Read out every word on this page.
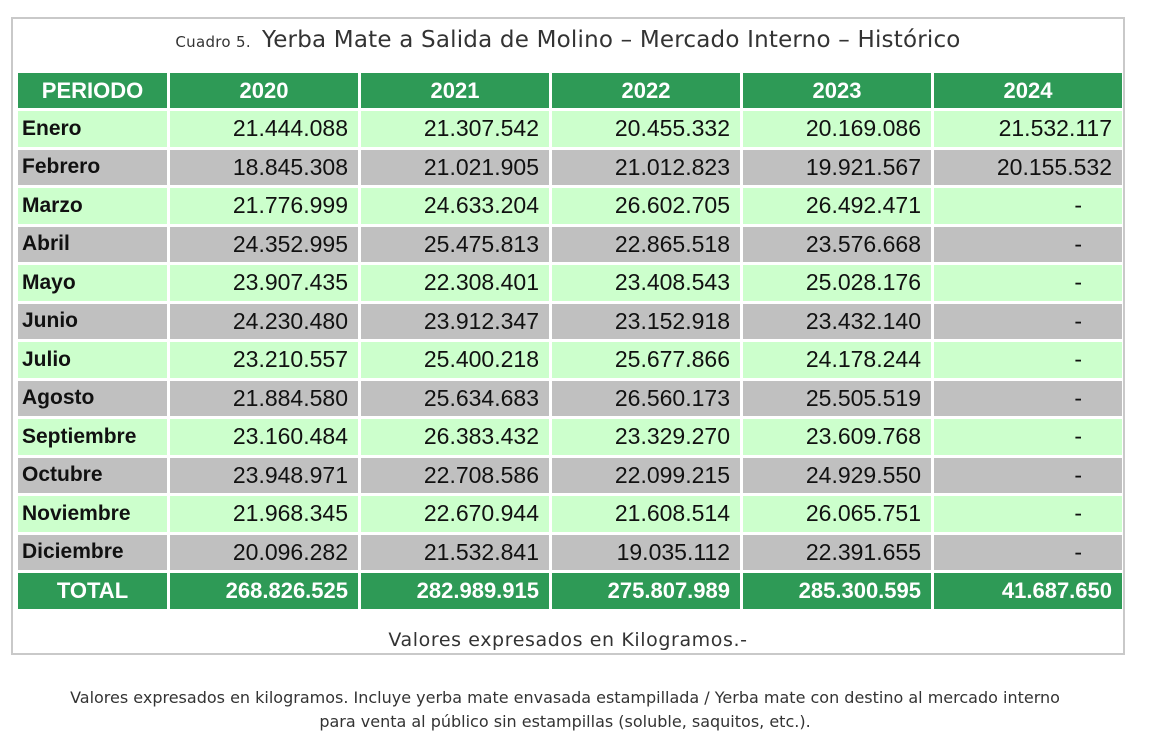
Cuadro 5. Yerba Mate a Salida de Molino – Mercado Interno – Histórico
PERIODO	2020	2021	2022	2023	2024
Enero	21.444.088	21.307.542	20.455.332	20.169.086	21.532.117
Febrero	18.845.308	21.021.905	21.012.823	19.921.567	20.155.532
Marzo	21.776.999	24.633.204	26.602.705	26.492.471	-
Abril	24.352.995	25.475.813	22.865.518	23.576.668	-
Mayo	23.907.435	22.308.401	23.408.543	25.028.176	-
Junio	24.230.480	23.912.347	23.152.918	23.432.140	-
Julio	23.210.557	25.400.218	25.677.866	24.178.244	-
Agosto	21.884.580	25.634.683	26.560.173	25.505.519	-
Septiembre	23.160.484	26.383.432	23.329.270	23.609.768	-
Octubre	23.948.971	22.708.586	22.099.215	24.929.550	-
Noviembre	21.968.345	22.670.944	21.608.514	26.065.751	-
Diciembre	20.096.282	21.532.841	19.035.112	22.391.655	-
TOTAL	268.826.525	282.989.915	275.807.989	285.300.595	41.687.650
Valores expresados en Kilogramos.-
Valores expresados en kilogramos. Incluye yerba mate envasada estampillada / Yerba mate con destino al mercado interno
para venta al público sin estampillas (soluble, saquitos, etc.).
